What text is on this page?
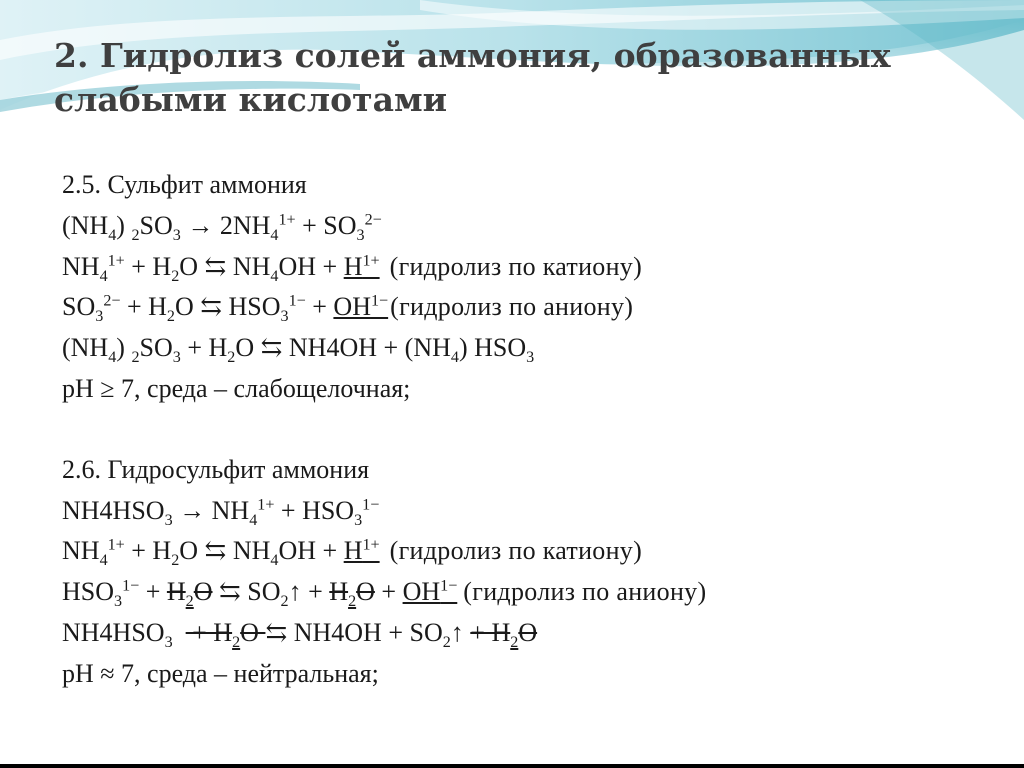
2. Гидролиз солей аммония, образованных слабыми кислотами
2.5. Сульфит аммония
$(NH_4) _2SO_3 \to 2NH_4^{1+} + SO_3^{2-}$
$NH_4^{1+} + H_2O$ ⇆ $NH_4OH + H^{1+}$ (гидролиз по катиону)
$SO_3^{2-} + H_2O$ ⇆ $HSO_3^{1-}$ + $OH^{1-}(гидролиз$ по аниону)
$(NH_4) _2SO_3 + H_2O$ ⇆ $NH4OH + (NH_4)$ $HSO_3$
pH ≥ 7, среда – слабощелочная;
2.6. Гидросульфит аммония
$NH4HSO_3 \to NH_4^{1+} + HSO_3^{1-}$
$NH_4^{1+} + H_2O$ ⇆ $NH_4OH + H^{1+}$ (гидролиз по катиону)
$HSO_3^{1-} + H_2O$ ⇆ $SO_2↑ + H_2O + OH^{1-}$ (гидролиз по аниону)
$NH4HSO_3 + H_2O$ ⇆ $NH4OH + SO_2↑ + H_2O$
pH ≈ 7, среда – нейтральная;
